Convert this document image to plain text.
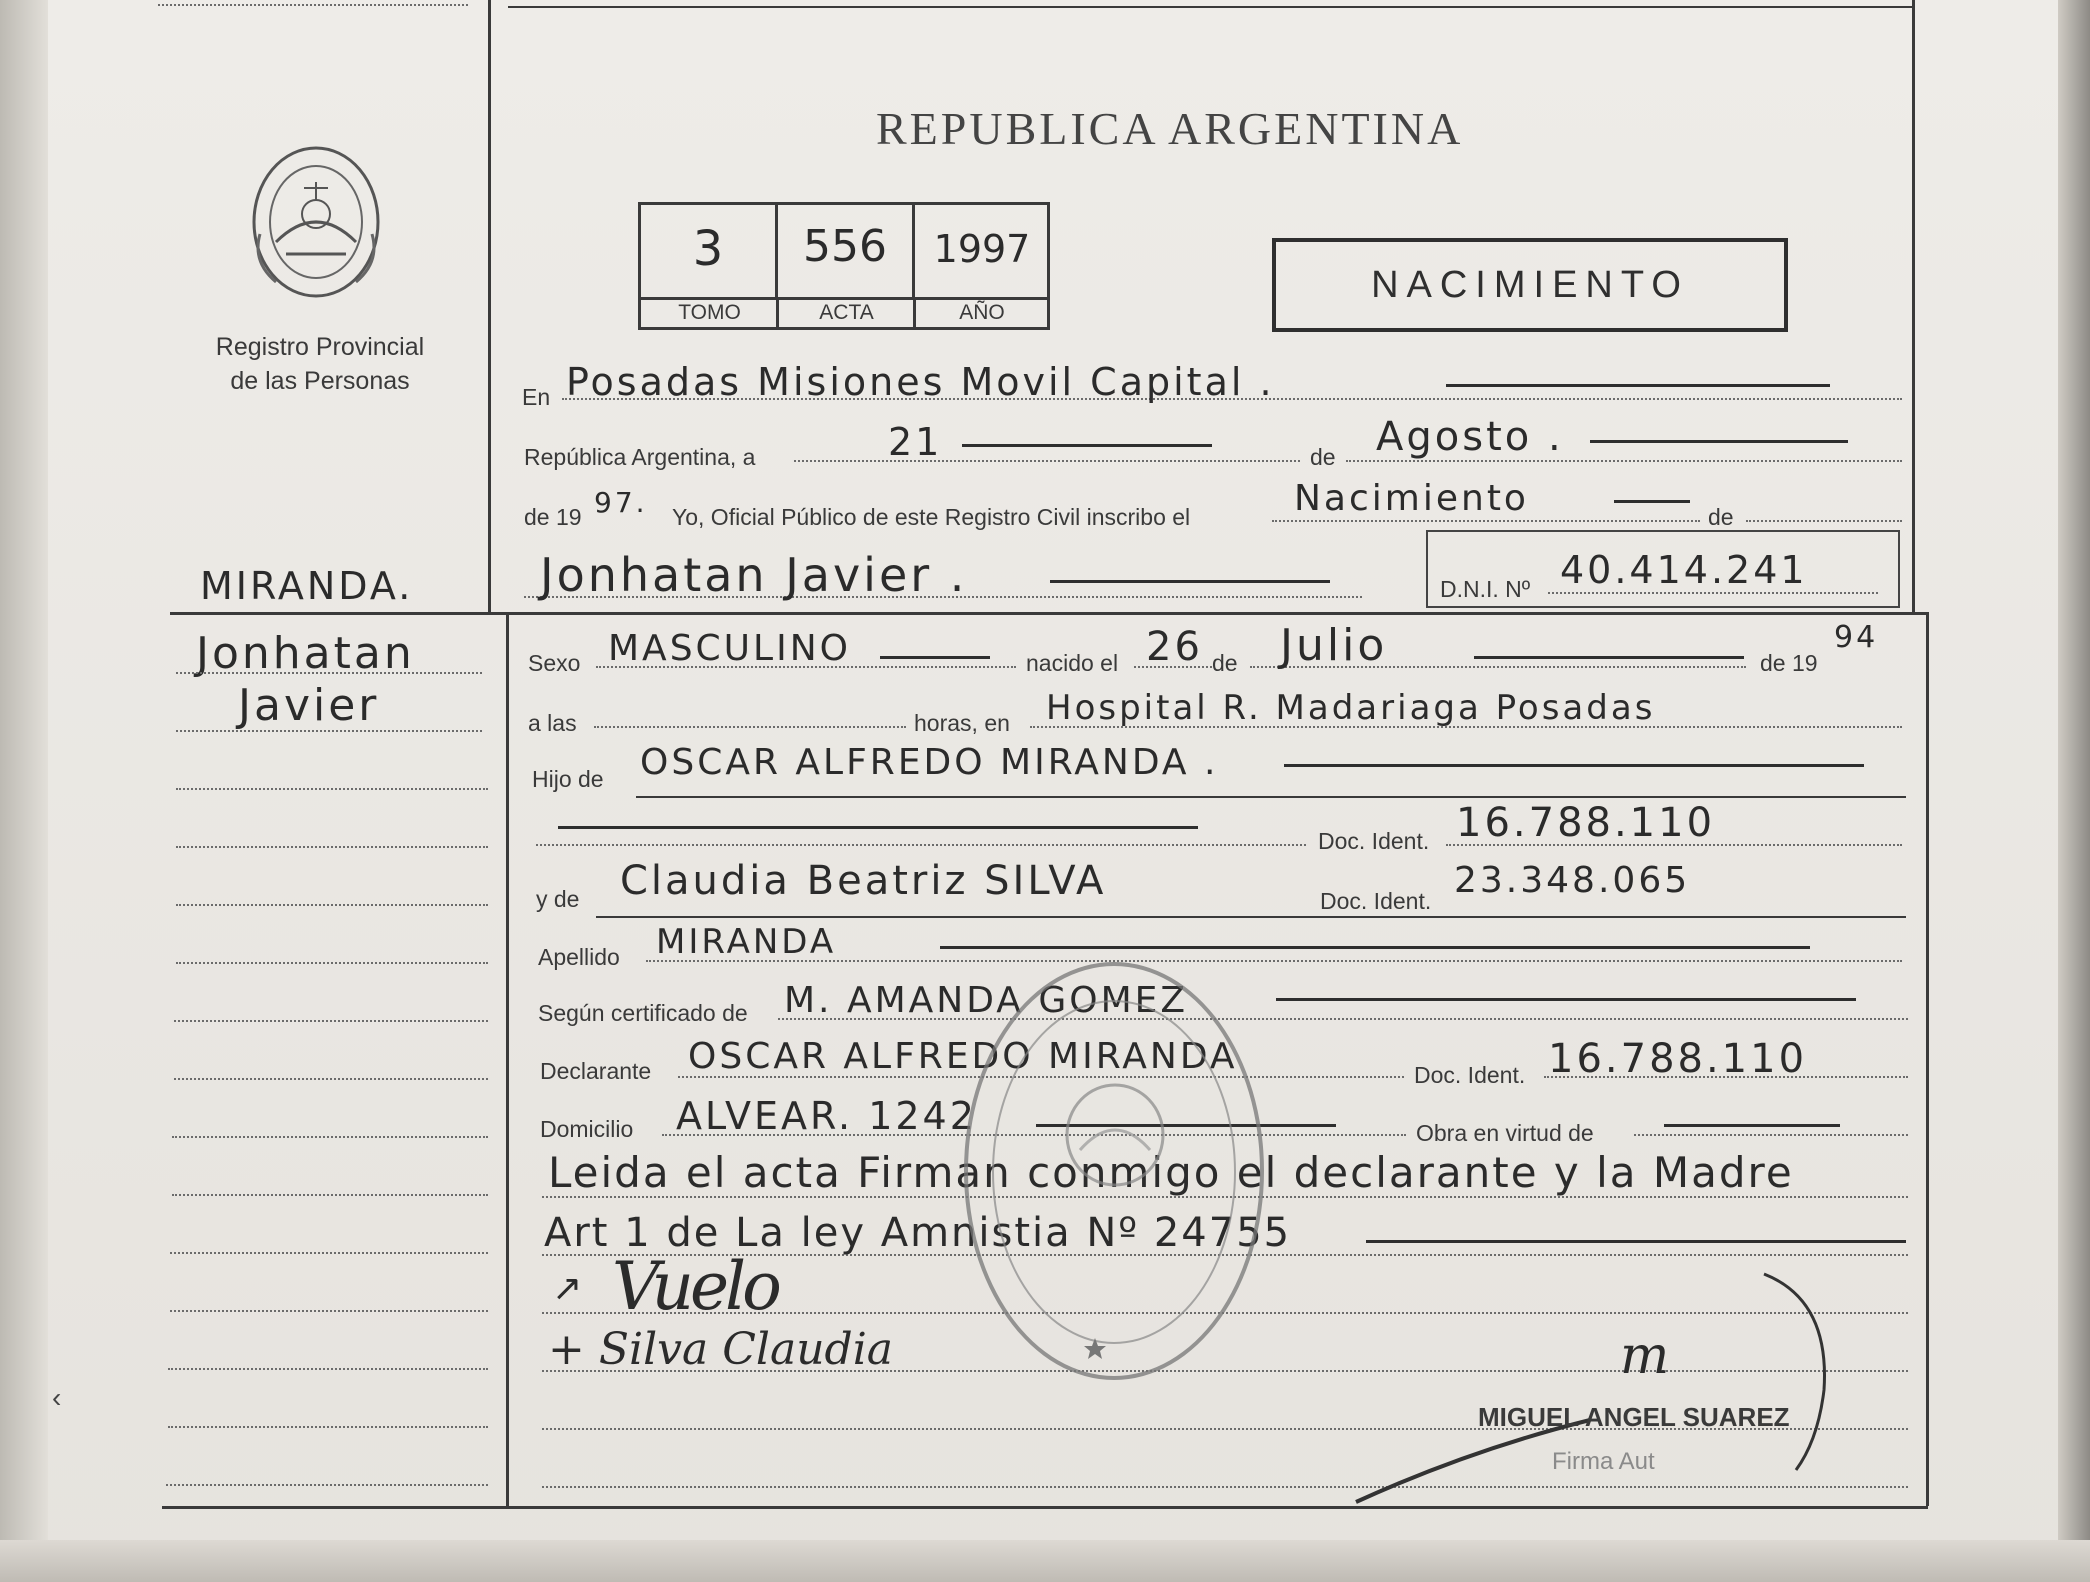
REPUBLICA ARGENTINA
3	556	1997
TOMO	ACTA	AÑO
NACIMIENTO
Registro Provincial
de las Personas
En Posadas Misiones Movil Capital .
República Argentina, a	21	de Agosto .
de 19 97. Yo, Oficial Público de este Registro Civil inscribo el	Nacimiento	de
Jonhatan Javier .	D.N.I. Nº 40.414.241
MIRANDA.
Jonhatan
Javier
Sexo MASCULINO	nacido el 26 de Julio	de 19
94
a las	horas, en Hospital R. Madariaga Posadas
Hijo de OSCAR ALFREDO MIRANDA .
Doc. Ident. 16.788.110
y de Claudia Beatriz SILVA	Doc. Ident. 23.348.065
Apellido MIRANDA
Según certificado de M. AMANDA GOMEZ
Declarante OSCAR ALFREDO MIRANDA	Doc. Ident. 16.788.110
Domicilio ALVEAR. 1242	Obra en virtud de
Leida el acta Firman conmigo el declarante y la Madre
Art 1 de La ley Amnistia Nº 24755
↗ Vuelo
+ Silva Claudia	m
MIGUEL ANGEL SUAREZ
Firma Aut
‹
